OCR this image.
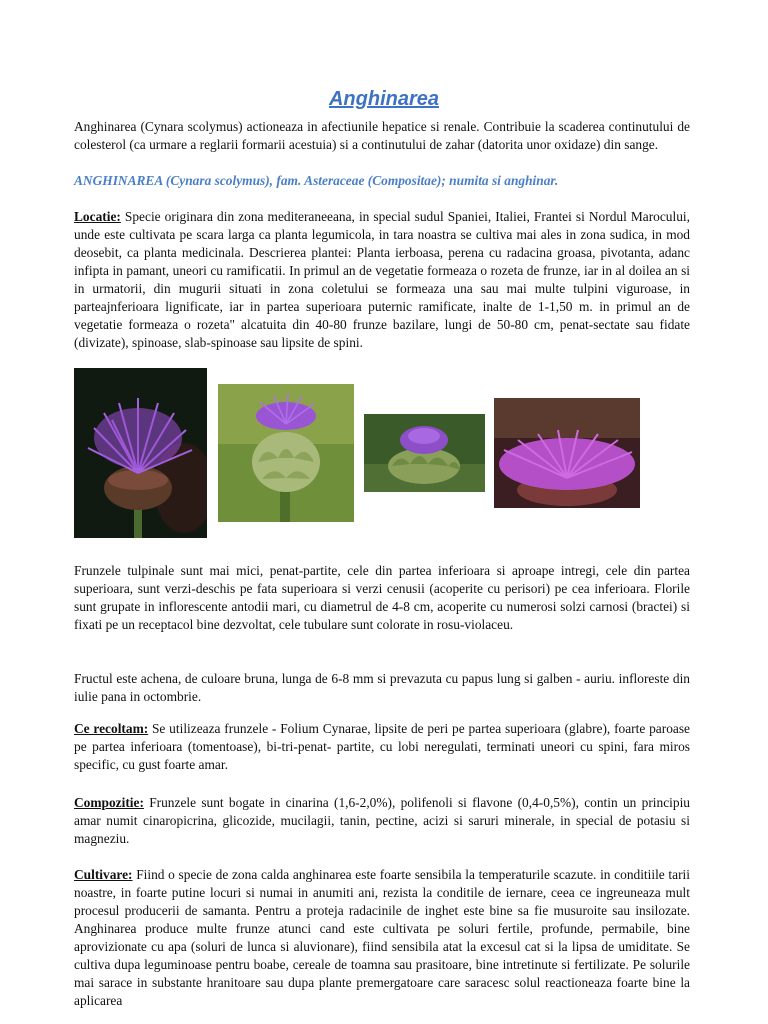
Anghinarea

Anghinarea (Cynara scolymus) actioneaza in afectiunile hepatice si renale. Contribuie la scaderea continutului de colesterol (ca urmare a reglarii formarii acestuia) si a continutului de zahar (datorita unor oxidaze) din sange.

ANGHINAREA (Cynara scolymus), fam. Asteraceae (Compositae); numita si anghinar.

Locatie: Specie originara din zona mediteraneeana, in special sudul Spaniei, Italiei, Frantei si Nordul Marocului, unde este cultivata pe scara larga ca planta legumicola, in tara noastra se cultiva mai ales in zona sudica, in mod deosebit, ca planta medicinala. Descrierea plantei: Planta ierboasa, perena cu radacina groasa, pivotanta, adanc infipta in pamant, uneori cu ramificatii. In primul an de vegetatie formeaza o rozeta de frunze, iar in al doilea an si in urmatorii, din mugurii situati in zona coletului se formeaza una sau mai multe tulpini viguroase, in parteajnferioara lignificate, iar in partea superioara puternic ramificate, inalte de 1-1,50 m. in primul an de vegetatie formeaza o rozeta" alcatuita din 40-80 frunze bazilare, lungi de 50-80 cm, penat-sectate sau fidate (divizate), spinoase, slab-spinoase sau lipsite de spini.

Frunzele tulpinale sunt mai mici, penat-partite, cele din partea inferioara si aproape intregi, cele din partea superioara, sunt verzi-deschis pe fata superioara si verzi cenusii (acoperite cu perisori) pe cea inferioara. Florile sunt grupate in inflorescente antodii mari, cu diametrul de 4-8 cm, acoperite cu numerosi solzi carnosi (bractei) si fixati pe un receptacol bine dezvoltat, cele tubulare sunt colorate in rosu-violaceu.

Fructul este achena, de culoare bruna, lunga de 6-8 mm si prevazuta cu papus lung si galben - auriu. infloreste din iulie pana in octombrie.

Ce recoltam: Se utilizeaza frunzele - Folium Cynarae, lipsite de peri pe partea superioara (glabre), foarte paroase pe partea inferioara (tomentoase), bi-tri-penat- partite, cu lobi neregulati, terminati uneori cu spini, fara miros specific, cu gust foarte amar.

Compozitie: Frunzele sunt bogate in cinarina (1,6-2,0%), polifenoli si flavone (0,4-0,5%), contin un principiu amar numit cinaropicrina, glicozide, mucilagii, tanin, pectine, acizi si saruri minerale, in special de potasiu si magneziu.

Cultivare: Fiind o specie de zona calda anghinarea este foarte sensibila la temperaturile scazute. in conditiile tarii noastre, in foarte putine locuri si numai in anumiti ani, rezista la conditile de iernare, ceea ce ingreuneaza mult procesul producerii de samanta. Pentru a proteja radacinile de inghet este bine sa fie musuroite sau insilozate. Anghinarea produce multe frunze atunci cand este cultivata pe soluri fertile, profunde, permabile, bine aprovizionate cu apa (soluri de lunca si aluvionare), fiind sensibila atat la excesul cat si la lipsa de umiditate. Se cultiva dupa leguminoase pentru boabe, cereale de toamna sau prasitoare, bine intretinute si fertilizate. Pe solurile mai sarace in substante hranitoare sau dupa plante premergatoare care saracesc solul reactioneaza foarte bine la aplicarea
